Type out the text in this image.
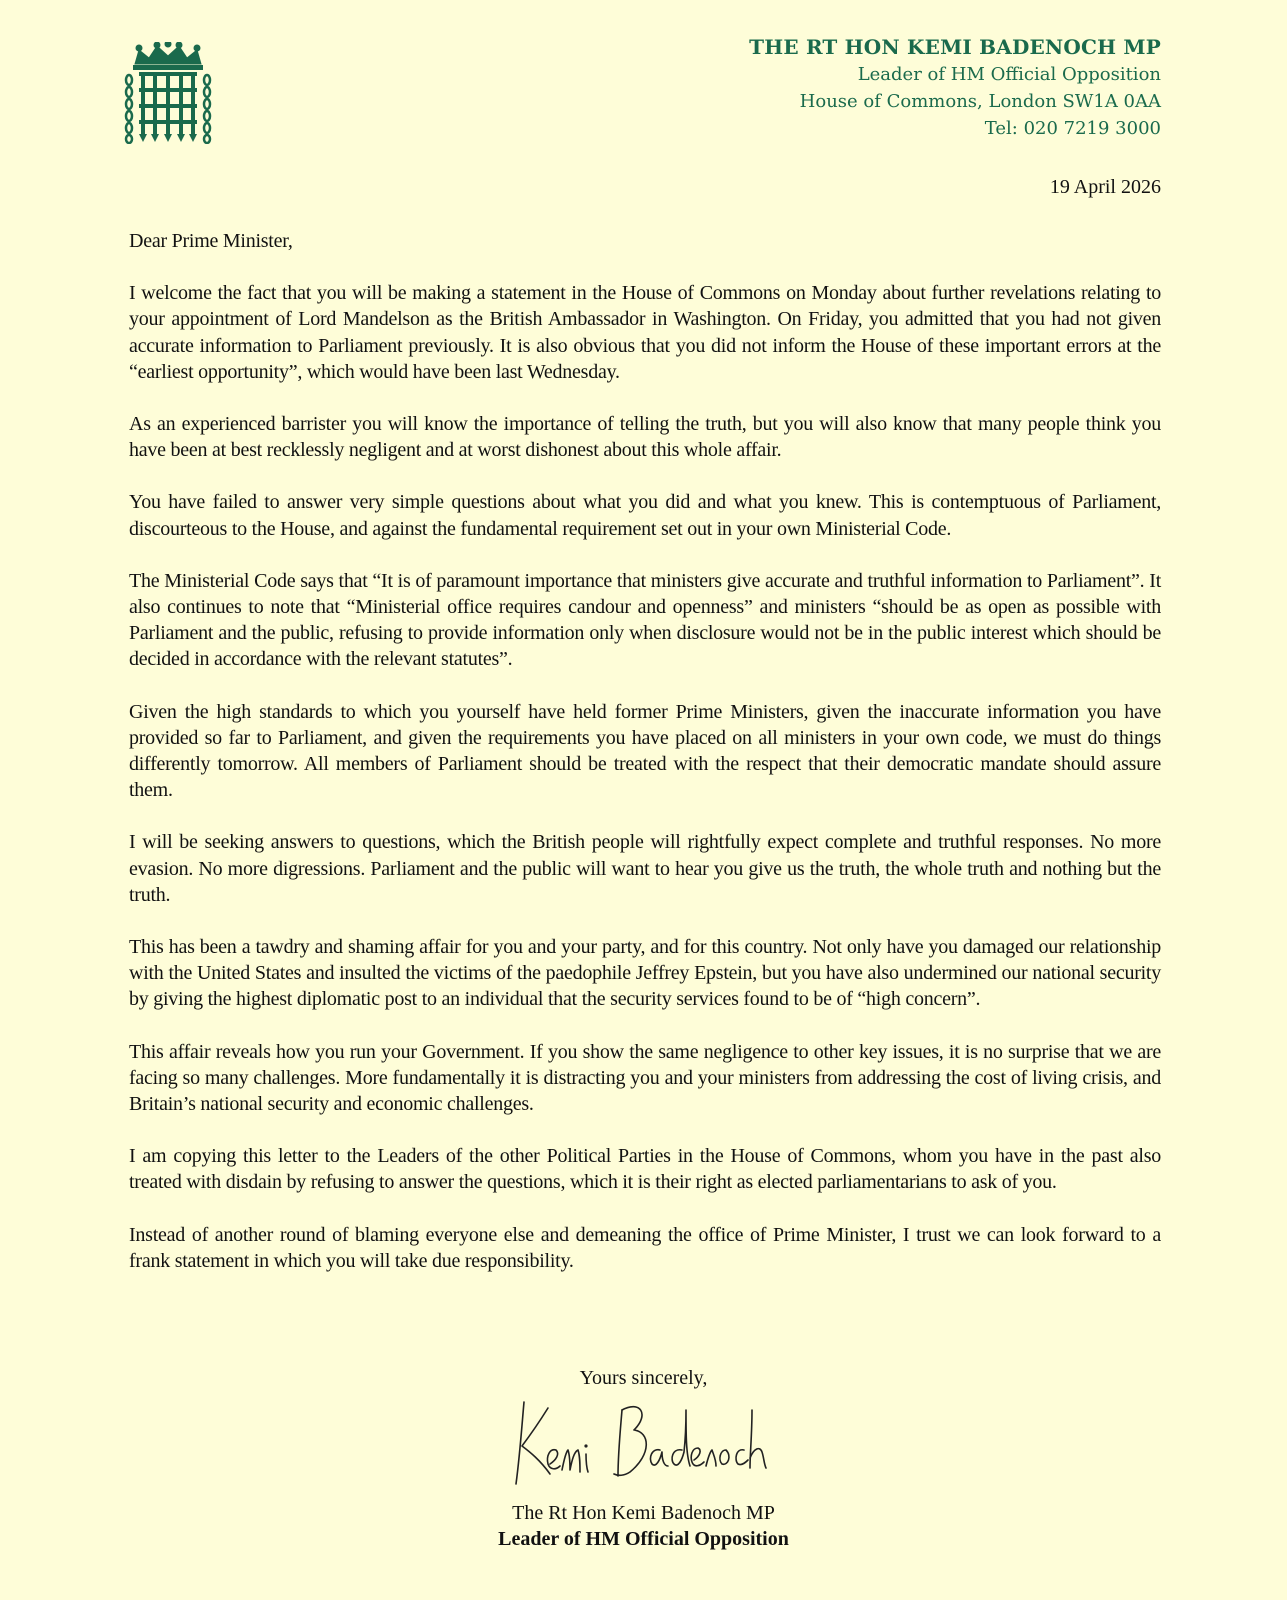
THE RT HON KEMI BADENOCH MP
Leader of HM Official Opposition
House of Commons, London SW1A 0AA
Tel: 020 7219 3000
19 April 2026

Dear Prime Minister,

I welcome the fact that you will be making a statement in the House of Commons on Monday about further revelations relating to your appointment of Lord Mandelson as the British Ambassador in Washington. On Friday, you admitted that you had not given accurate information to Parliament previously. It is also obvious that you did not inform the House of these important errors at the “earliest opportunity”, which would have been last Wednesday.

As an experienced barrister you will know the importance of telling the truth, but you will also know that many people think you have been at best recklessly negligent and at worst dishonest about this whole affair.

You have failed to answer very simple questions about what you did and what you knew. This is contemptuous of Parliament, discourteous to the House, and against the fundamental requirement set out in your own Ministerial Code.

The Ministerial Code says that “It is of paramount importance that ministers give accurate and truthful information to Parliament”. It also continues to note that “Ministerial office requires candour and openness” and ministers “should be as open as possible with Parliament and the public, refusing to provide information only when disclosure would not be in the public interest which should be decided in accordance with the relevant statutes”.

Given the high standards to which you yourself have held former Prime Ministers, given the inaccurate information you have provided so far to Parliament, and given the requirements you have placed on all ministers in your own code, we must do things differently tomorrow. All members of Parliament should be treated with the respect that their democratic mandate should assure them.

I will be seeking answers to questions, which the British people will rightfully expect complete and truthful responses. No more evasion. No more digressions. Parliament and the public will want to hear you give us the truth, the whole truth and nothing but the truth.

This has been a tawdry and shaming affair for you and your party, and for this country. Not only have you damaged our relationship with the United States and insulted the victims of the paedophile Jeffrey Epstein, but you have also undermined our national security by giving the highest diplomatic post to an individual that the security services found to be of “high concern”.

This affair reveals how you run your Government. If you show the same negligence to other key issues, it is no surprise that we are facing so many challenges. More fundamentally it is distracting you and your ministers from addressing the cost of living crisis, and Britain’s national security and economic challenges.

I am copying this letter to the Leaders of the other Political Parties in the House of Commons, whom you have in the past also treated with disdain by refusing to answer the questions, which it is their right as elected parliamentarians to ask of you.

Instead of another round of blaming everyone else and demeaning the office of Prime Minister, I trust we can look forward to a frank statement in which you will take due responsibility.

Yours sincerely,
The Rt Hon Kemi Badenoch MP
Leader of HM Official Opposition
